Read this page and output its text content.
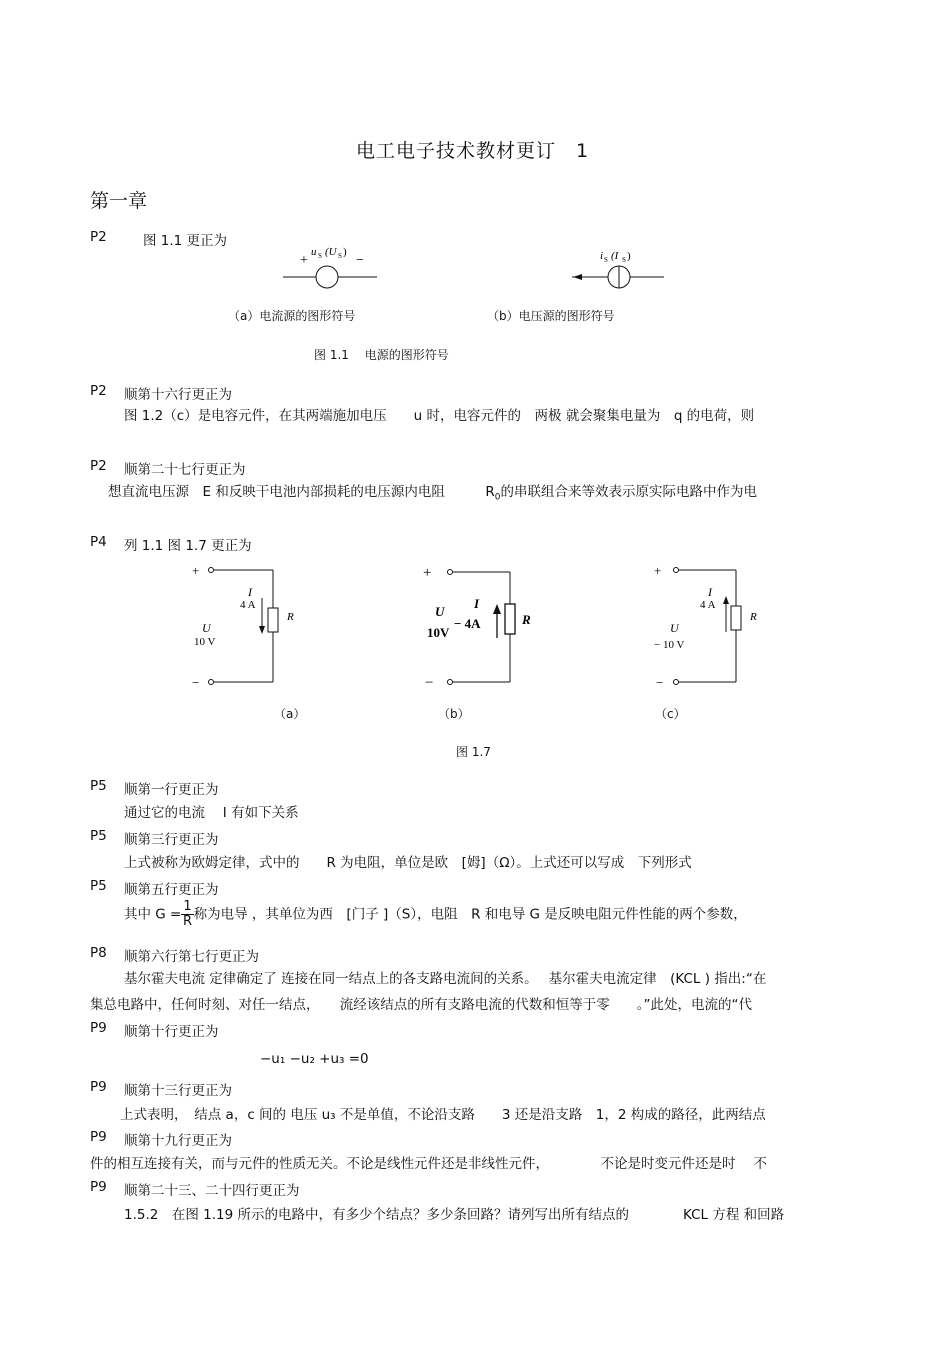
电工电子技术教材更订　1
第一章
P2	图 1.1 更正为
+	−
u S (U S )	i S (I S )
（a）电流源的图形符号	（b）电压源的图形符号
图 1.1　 电源的图形符号
P2 顺第十六行更正为
图 1.2（c）是电容元件，在其两端施加电压　　u 时，电容元件的　两极 就会聚集电量为　q 的电荷，则
P2 顺第二十七行更正为
想直流电压源　E 和反映干电池内部损耗的电压源内电阻　　　	$R_0$的串联组合来等效表示原实际电路中作为电
P4 列 1.1 图 1.7 更正为
+
−
I
4 A
R
U
10 V
+
−
I
− 4A	R
U
10V
+
−
I
4 A
R
U
− 10 V
（a）	（b）	（c）
图 1.7
P5 顺第一行更正为
通过它的电流　 I 有如下关系
P5 顺第三行更正为
上式被称为欧姆定律，式中的　　R 为电阻，单位是欧　[姆]（Ω）。上式还可以写成　下列形式
P5 顺第五行更正为
其中 $G = \frac{1}{R}$ 称为电导 ，其单位为西　[门子 ]（S），电阻　R 和电导 G 是反映电阻元件性能的两个参数，
P8 顺第六行第七行更正为
基尔霍夫电流 定律确定了 连接在同一结点上的各支路电流间的关系。　 基尔霍夫电流定律　(KCL ) 指出:“在
集总电路中，任何时刻、对任一结点，　　流经该结点的所有支路电流的代数和恒等于零　　。”此处，电流的“代
P9 顺第十行更正为
−u₁ −u₂ +u₃ =0
P9 顺第十三行更正为
上式表明，　结点 a，c 间的 电压 u₃ 不是单值，不论沿支路　　3 还是沿支路　1，2 构成的路径，此两结点
P9 顺第十九行更正为
件的相互连接有关，而与元件的性质无关。不论是线性元件还是非线性元件，　　　　 不论是时变元件还是时　 不
P9 顺第二十三、二十四行更正为
1.5.2　在图 1.19 所示的电路中，有多少个结点？多少条回路？请列写出所有结点的　　　　KCL 方程 和回路
